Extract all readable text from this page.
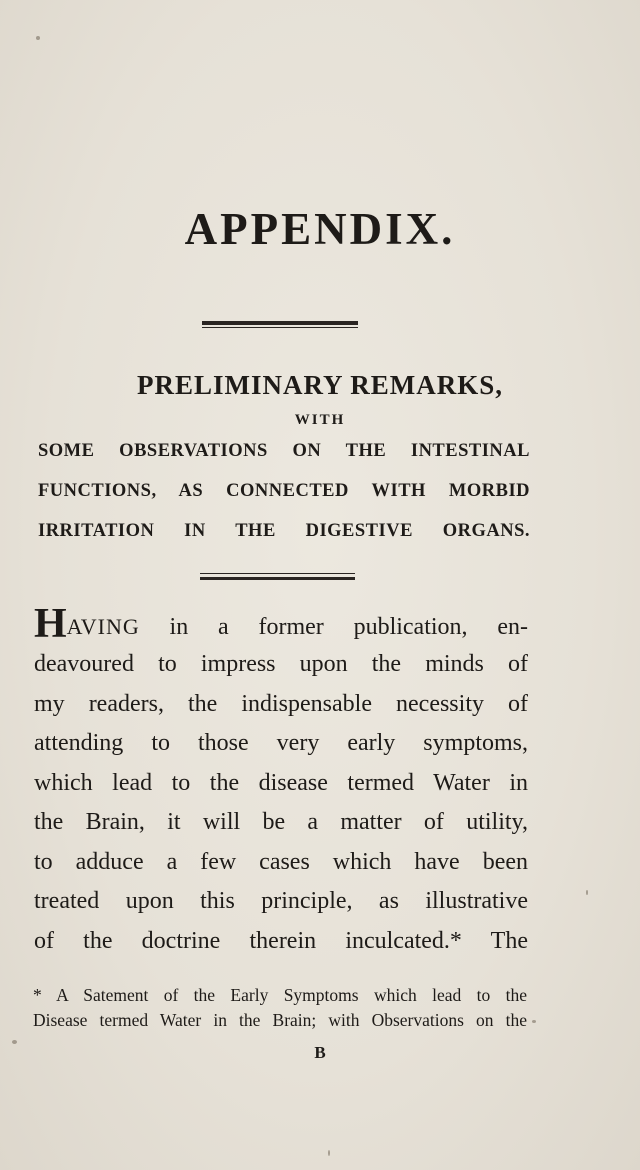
APPENDIX.
PRELIMINARY REMARKS,
WITH
SOME OBSERVATIONS ON THE INTESTINAL
FUNCTIONS, AS CONNECTED WITH MORBID
IRRITATION IN THE DIGESTIVE ORGANS.
HAVING in a former publication, en-
deavoured to impress upon the minds of
my readers, the indispensable necessity of
attending to those very early symptoms,
which lead to the disease termed Water in
the Brain, it will be a matter of utility,
to adduce a few cases which have been
treated upon this principle, as illustrative
of the doctrine therein inculcated.* The
* A Satement of the Early Symptoms which lead to the
Disease termed Water in the Brain; with Observations on the
B
